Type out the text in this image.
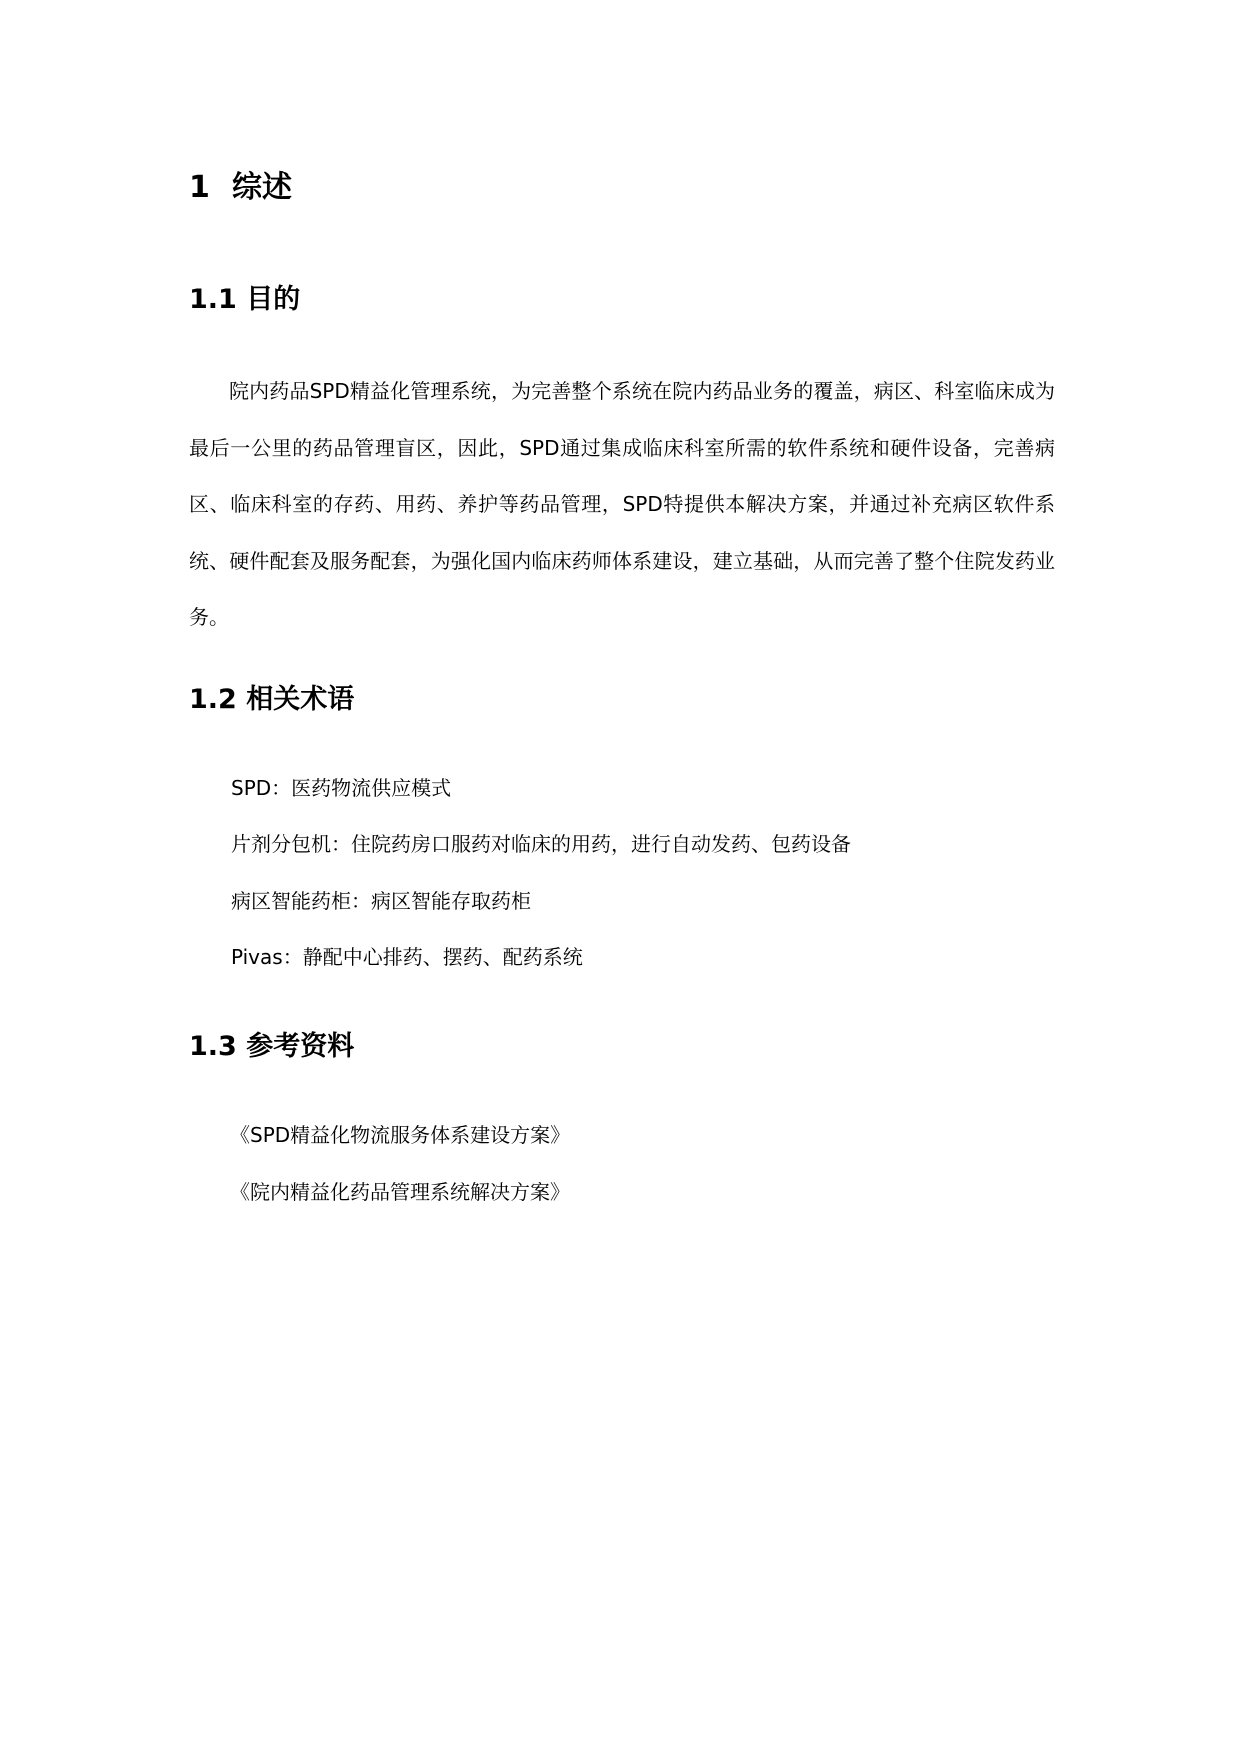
1 综述
1.1 目的
院内药品SPD精益化管理系统，为完善整个系统在院内药品业务的覆盖，病区、科室临床成为最后一公里的药品管理盲区，因此，SPD通过集成临床科室所需的软件系统和硬件设备，完善病区、临床科室的存药、用药、养护等药品管理，SPD特提供本解决方案，并通过补充病区软件系统、硬件配套及服务配套，为强化国内临床药师体系建设，建立基础，从而完善了整个住院发药业务。
1.2 相关术语
SPD：医药物流供应模式
片剂分包机：住院药房口服药对临床的用药，进行自动发药、包药设备
病区智能药柜：病区智能存取药柜
Pivas：静配中心排药、摆药、配药系统
1.3 参考资料
《SPD精益化物流服务体系建设方案》
《院内精益化药品管理系统解决方案》
